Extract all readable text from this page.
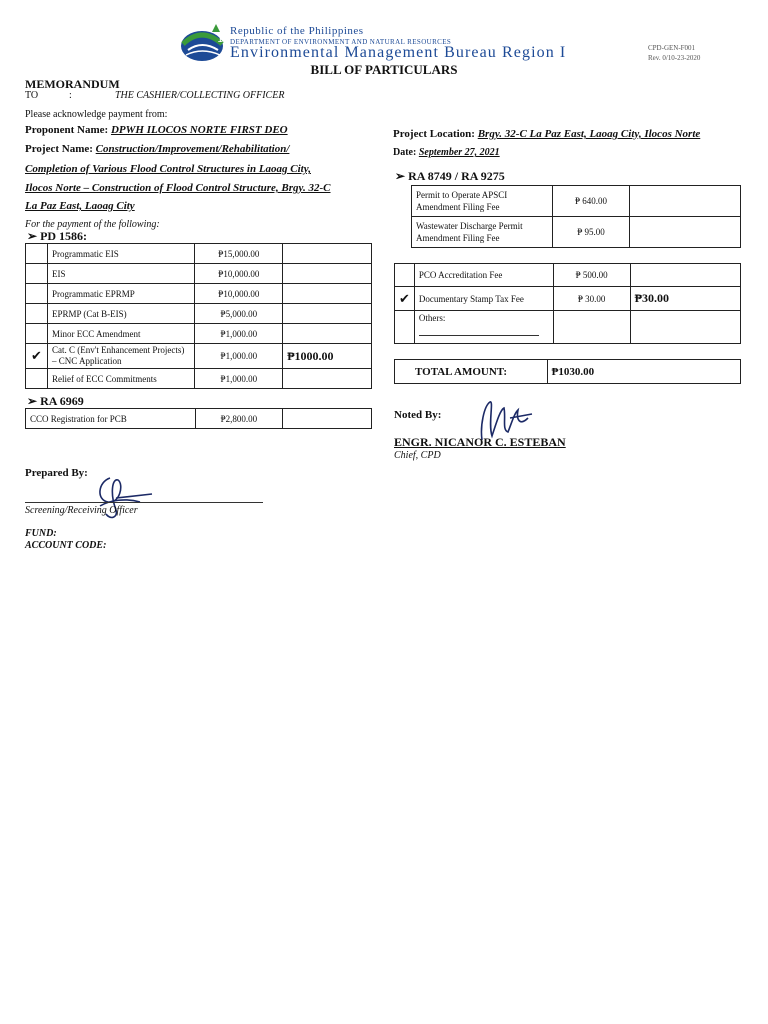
1
Republic of the Philippines
DEPARTMENT OF ENVIRONMENT AND NATURAL RESOURCES
Environmental Management Bureau Region I	CPD-GEN-F001
Rev. 0/10-23-2020
BILL OF PARTICULARS
MEMORANDUM
TO	:	THE CASHIER/COLLECTING OFFICER
Please acknowledge payment from:
Proponent Name: DPWH ILOCOS NORTE FIRST DEO
Project Name: Construction/Improvement/Rehabilitation/
Completion of Various Flood Control Structures in Laoag City,
Ilocos Norte – Construction of Flood Control Structure, Brgy. 32-C
La Paz East, Laoag City
Project Location: Brgy. 32-C La Paz East, Laoag City, Ilocos Norte
Date: September 27, 2021
For the payment of the following:
➢ PD 1586:
	Programmatic EIS	₱15,000.00	
	EIS	₱10,000.00	
	Programmatic EPRMP	₱10,000.00	
	EPRMP (Cat B-EIS)	₱5,000.00	
	Minor ECC Amendment	₱1,000.00	
✔	Cat. C (Env't Enhancement Projects) – CNC Application	₱1,000.00	₱1000.00
	Relief of ECC Commitments	₱1,000.00	
➢ RA 6969
CCO Registration for PCB	₱2,800.00	
➢ RA 8749 / RA 9275
Permit to Operate APSCI Amendment Filing Fee	₱ 640.00	
Wastewater Discharge Permit Amendment Filing Fee	₱ 95.00	
	PCO Accreditation Fee	₱ 500.00	
✔	Documentary Stamp Tax Fee	₱ 30.00	₱30.00

	Others:		

TOTAL AMOUNT:	₱1030.00
Noted By:
ENGR. NICANOR C. ESTEBAN
Chief, CPD
Prepared By:
Screening/Receiving Officer
FUND:
ACCOUNT CODE:
